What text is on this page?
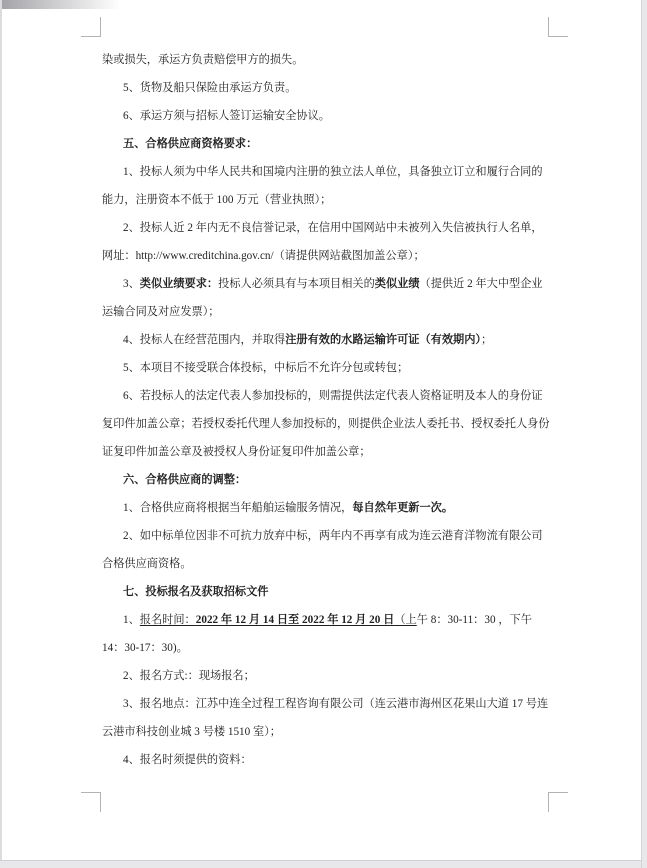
染或损失，承运方负责赔偿甲方的损失。
5、货物及船只保险由承运方负责。
6、承运方须与招标人签订运输安全协议。
五、合格供应商资格要求：
1、投标人须为中华人民共和国境内注册的独立法人单位，具备独立订立和履行合同的
能力，注册资本不低于 100 万元（营业执照）；
2、投标人近 2 年内无不良信誉记录，在信用中国网站中未被列入失信被执行人名单，
网址：http://www.creditchina.gov.cn/（请提供网站截图加盖公章）；
3、类似业绩要求：投标人必须具有与本项目相关的类似业绩（提供近 2 年大中型企业
运输合同及对应发票）；
4、投标人在经营范围内，并取得注册有效的水路运输许可证（有效期内）；
5、本项目不接受联合体投标，中标后不允许分包或转包；
6、若投标人的法定代表人参加投标的，则需提供法定代表人资格证明及本人的身份证
复印件加盖公章；若授权委托代理人参加投标的，则提供企业法人委托书、授权委托人身份
证复印件加盖公章及被授权人身份证复印件加盖公章；
六、合格供应商的调整：
1、合格供应商将根据当年船舶运输服务情况，每自然年更新一次。
2、如中标单位因非不可抗力放弃中标，两年内不再享有成为连云港育洋物流有限公司
合格供应商资格。
七、投标报名及获取招标文件
1、报名时间：2022 年 12 月 14 日至 2022 年 12 月 20 日（上午 8：30-11：30 ，下午
14：30-17：30)。
2、报名方式:：现场报名；
3、报名地点：江苏中连全过程工程咨询有限公司（连云港市海州区花果山大道 17 号连
云港市科技创业城 3 号楼 1510 室）；
4、报名时须提供的资料：
